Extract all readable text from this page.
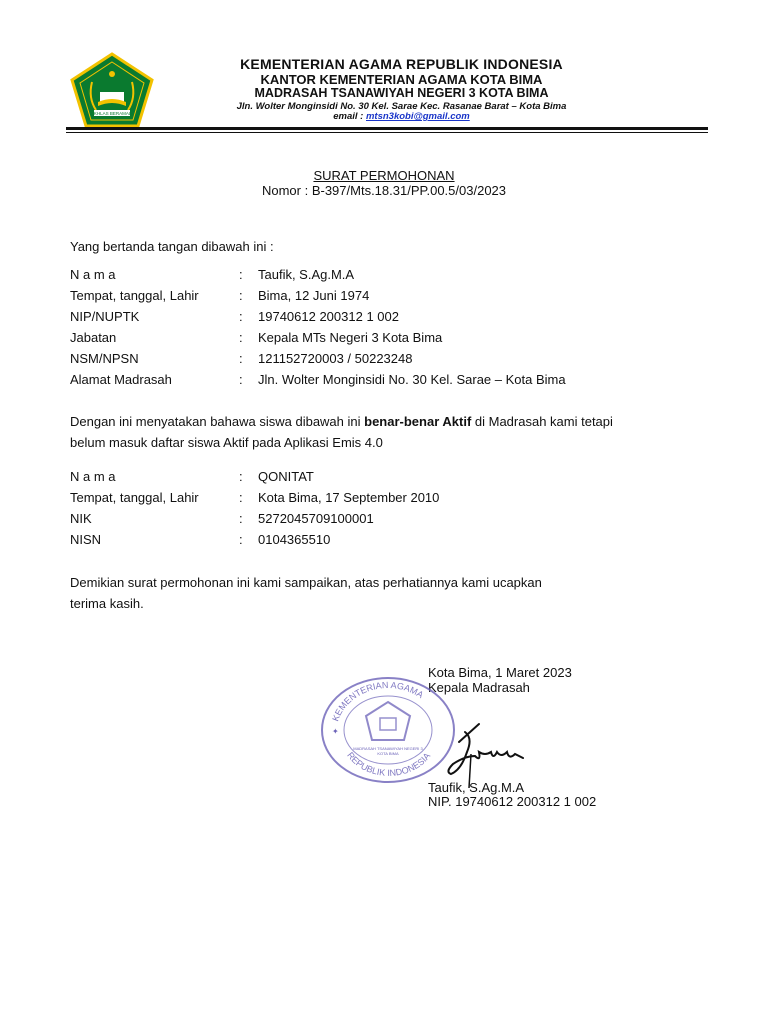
IKHLAS BERAMAL
KEMENTERIAN AGAMA REPUBLIK INDONESIA
KANTOR KEMENTERIAN AGAMA KOTA BIMA
MADRASAH TSANAWIYAH NEGERI 3 KOTA BIMA
Jln. Wolter Monginsidi No. 30 Kel. Sarae Kec. Rasanae Barat – Kota Bima
email : mtsn3kobi@gmail.com
SURAT PERMOHONAN
Nomor : B-397/Mts.18.31/PP.00.5/03/2023
Yang bertanda tangan dibawah ini :
N a m a	: Taufik, S.Ag.M.A
Tempat, tanggal, Lahir	: Bima, 12 Juni 1974
NIP/NUPTK	: 19740612 200312 1 002
Jabatan	: Kepala MTs Negeri 3 Kota Bima
NSM/NPSN	: 121152720003 / 50223248
Alamat Madrasah	: Jln. Wolter Monginsidi No. 30 Kel. Sarae – Kota Bima
Dengan ini menyatakan bahawa siswa dibawah ini benar-benar Aktif di Madrasah kami tetapi
belum masuk daftar siswa Aktif pada Aplikasi Emis 4.0
N a m a	: QONITAT
Tempat, tanggal, Lahir	: Kota Bima, 17 September 2010
NIK	: 5272045709100001
NISN	: 0104365510
Demikian surat permohonan ini kami sampaikan, atas perhatiannya kami ucapkan
terima kasih.
Kota Bima, 1 Maret 2023
Kepala Madrasah
KEMENTERIAN AGAMA
REPUBLIK INDONESIA
MADRASAH TSANAWIYAH NEGERI 3
KOTA BIMA
✦
Taufik, S.Ag.M.A
NIP. 19740612 200312 1 002
